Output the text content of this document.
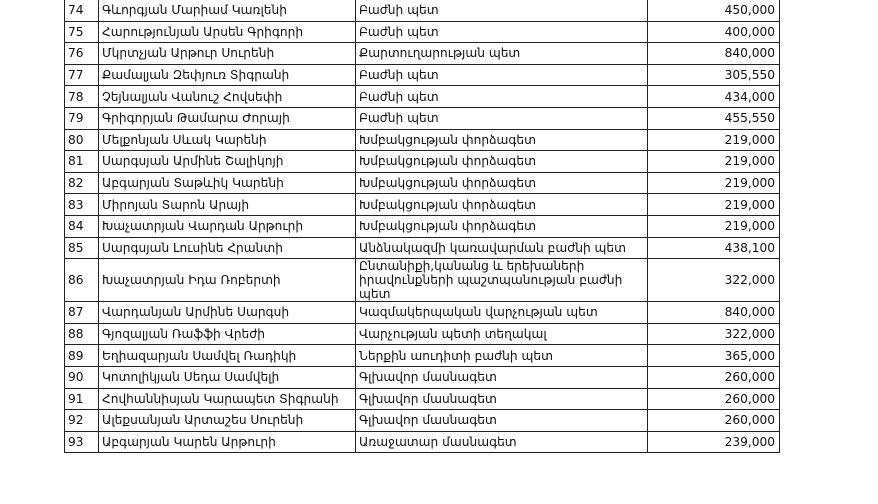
74	Գևորգյան Մարիամ Կառլենի	Բաժնի պետ	450,000
75	Հարությունյան Արսեն Գրիգորի	Բաժնի պետ	400,000
76	Մկրտչյան Արթուր Սուրենի	Քարտուղարության պետ	840,000
77	Քամալյան Զեփյուռ Տիգրանի	Բաժնի պետ	305,550
78	Չեյնալյան Վանուշ Հովսեփի	Բաժնի պետ	434,000
79	Գրիգորյան Թամարա Ժորայի	Բաժնի պետ	455,550
80	Մելքոնյան Սևակ Կարենի	Խմբակցության փորձագետ	219,000
81	Սարգսյան Արմինե Շալիկոյի	Խմբակցության փորձագետ	219,000
82	Աբգարյան Տաթևիկ Կարենի	Խմբակցության փորձագետ	219,000
83	Միրոյան Տարոն Արայի	Խմբակցության փորձագետ	219,000
84	Խաչատրյան Վարդան Արթուրի	Խմբակցության փորձագետ	219,000
85	Սարգսյան Լուսինե Հրանտի	Անձնակազմի կառավարման բաժնի պետ	438,100
86	Խաչատրյան Իդա Ռոբերտի	Ընտանիքի,կանանց և երեխաների իրավունքների պաշտպանության բաժնի պետ	322,000
87	Վարդանյան Արմինե Սարգսի	Կազմակերպական վարչության պետ	840,000
88	Գյոզալյան Ռաֆֆի Վրեժի	Վարչության պետի տեղակալ	322,000
89	Եղիազարյան Սամվել Ռադիկի	Ներքին աուդիտի բաժնի պետ	365,000
90	Կոտոլիկյան Սեդա Սամվելի	Գլխավոր մասնագետ	260,000
91	Հովհաննիսյան Կարապետ Տիգրանի	Գլխավոր մասնագետ	260,000
92	Ալեքսանյան Արտաշես Սուրենի	Գլխավոր մասնագետ	260,000
93	Աբգարյան Կարեն Արթուրի	Առաջատար մասնագետ	239,000
